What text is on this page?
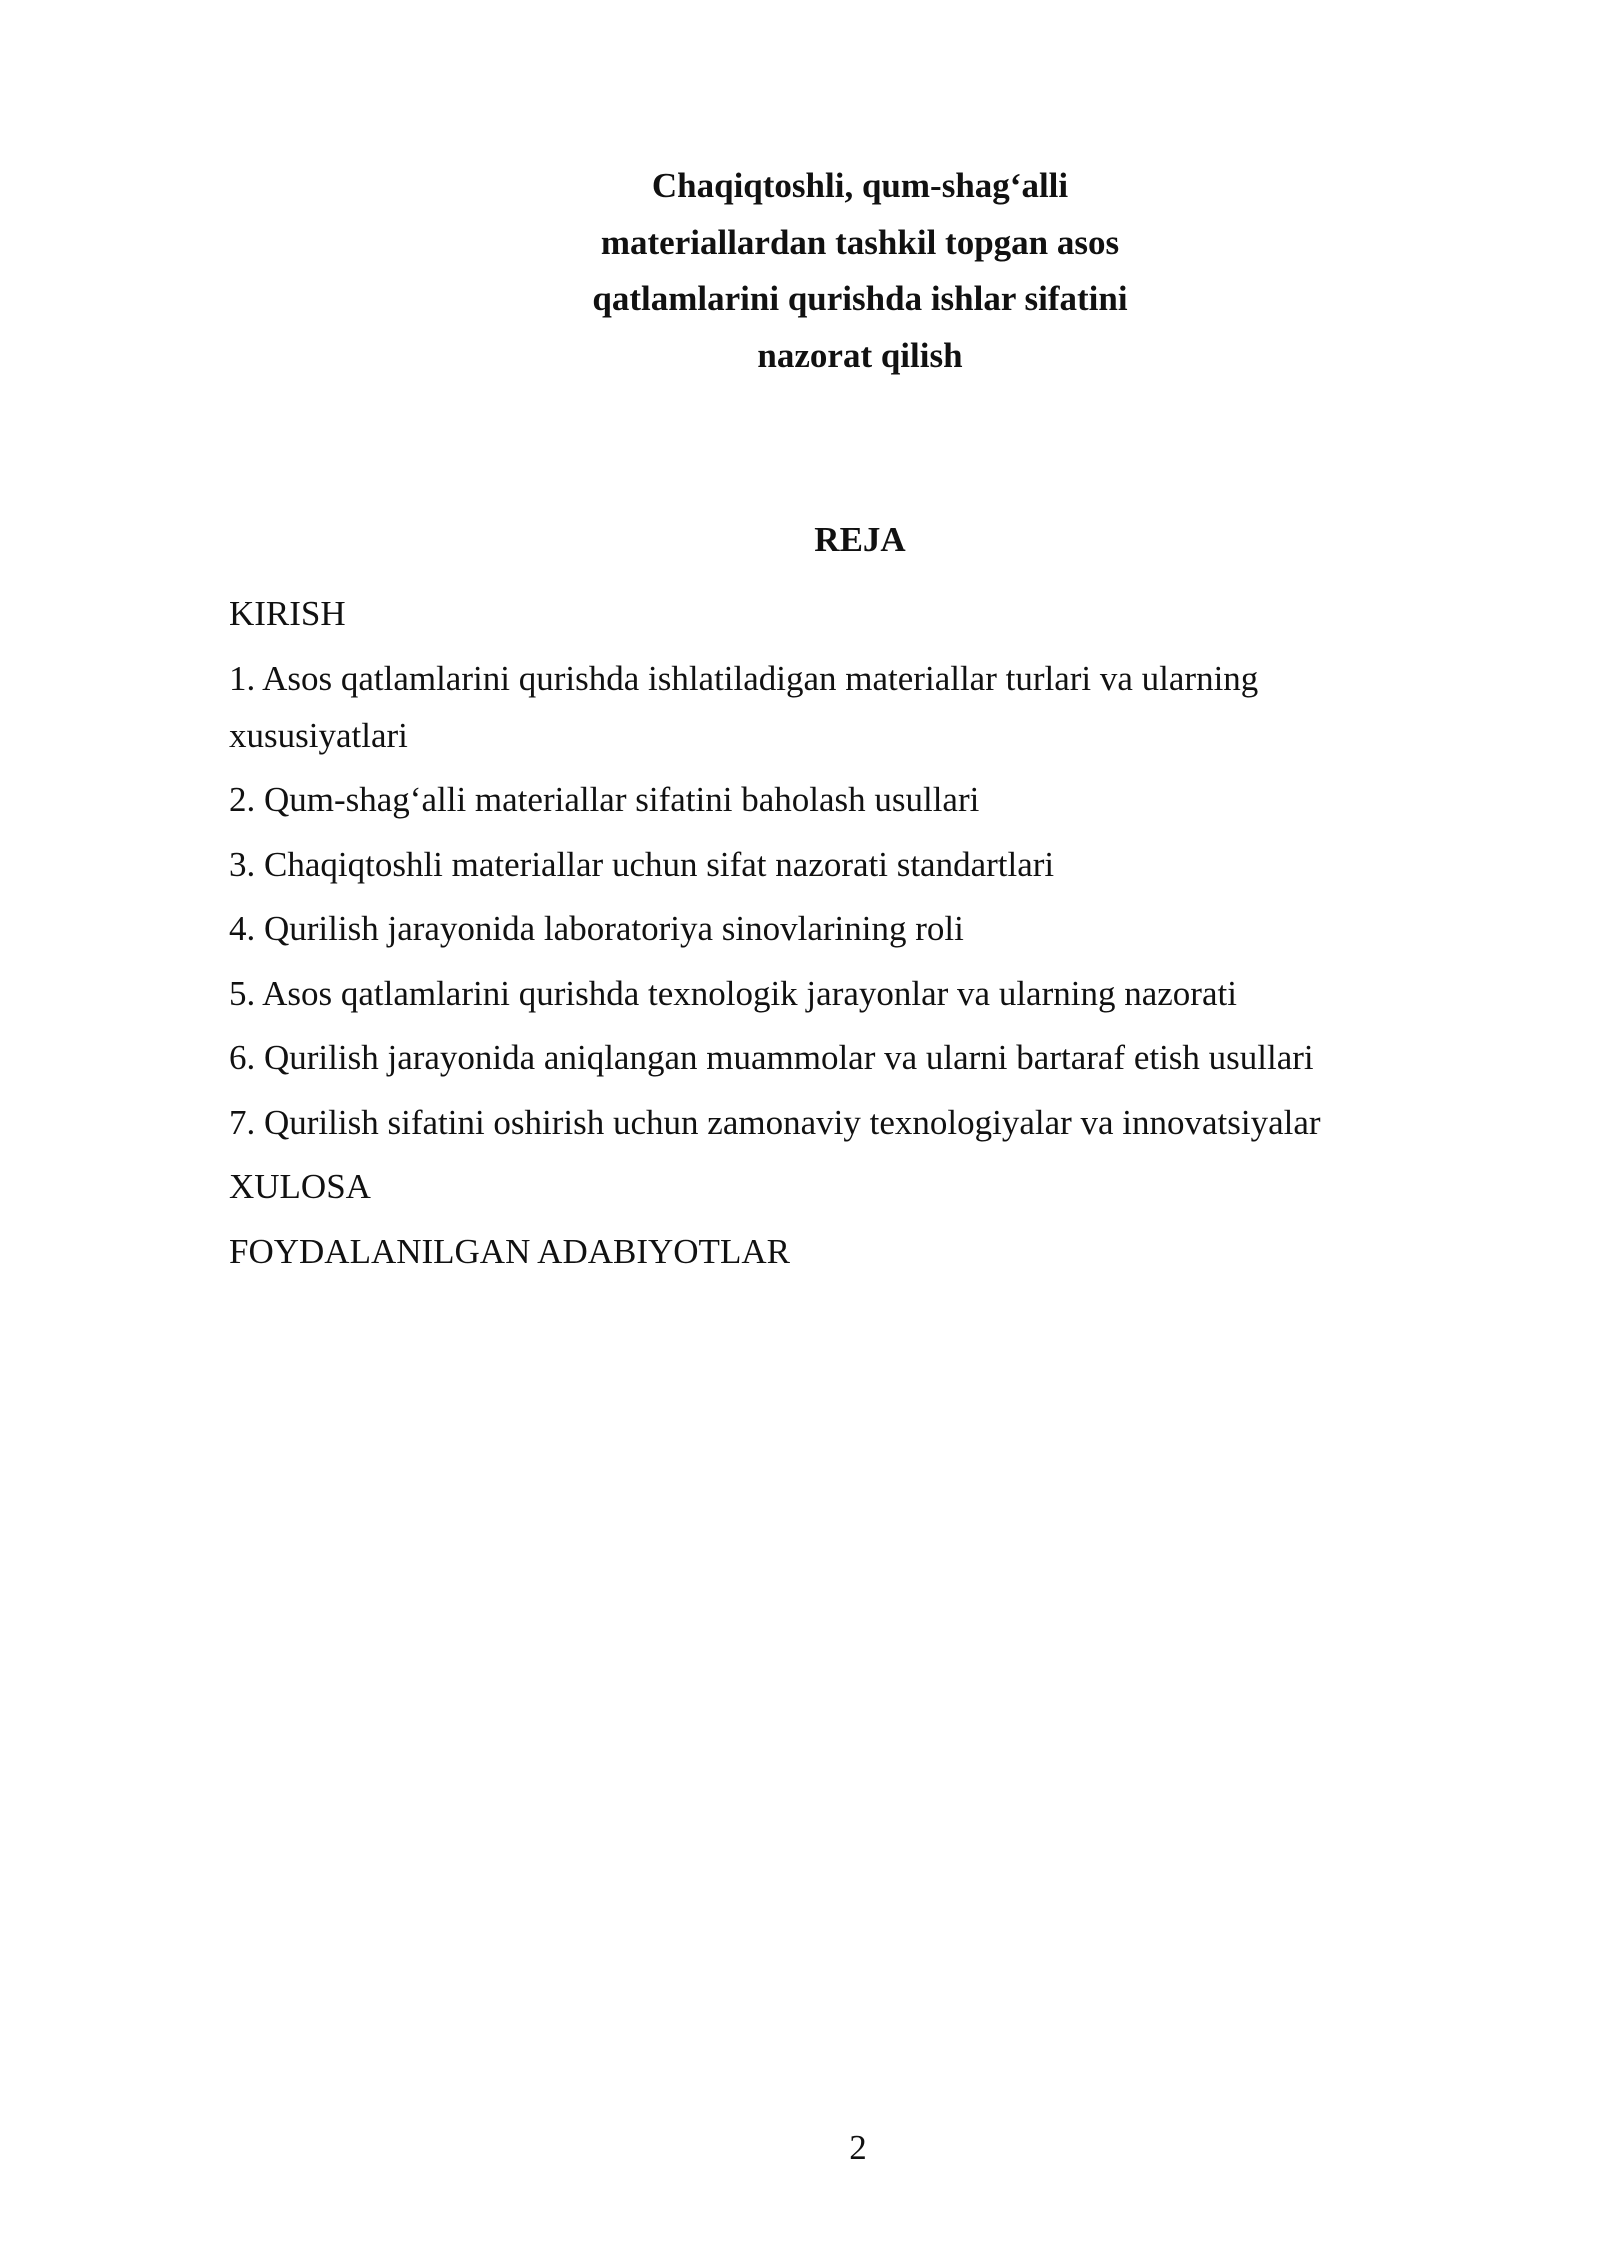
Chaqiqtoshli, qum-shag‘alli
materiallardan tashkil topgan asos
qatlamlarini qurishda ishlar sifatini
nazorat qilish
REJA
KIRISH
1. Asos qatlamlarini qurishda ishlatiladigan materiallar turlari va ularning
xususiyatlari
2. Qum-shag‘alli materiallar sifatini baholash usullari
3. Chaqiqtoshli materiallar uchun sifat nazorati standartlari
4. Qurilish jarayonida laboratoriya sinovlarining roli
5. Asos qatlamlarini qurishda texnologik jarayonlar va ularning nazorati
6. Qurilish jarayonida aniqlangan muammolar va ularni bartaraf etish usullari
7. Qurilish sifatini oshirish uchun zamonaviy texnologiyalar va innovatsiyalar
XULOSA
FOYDALANILGAN ADABIYOTLAR
2
